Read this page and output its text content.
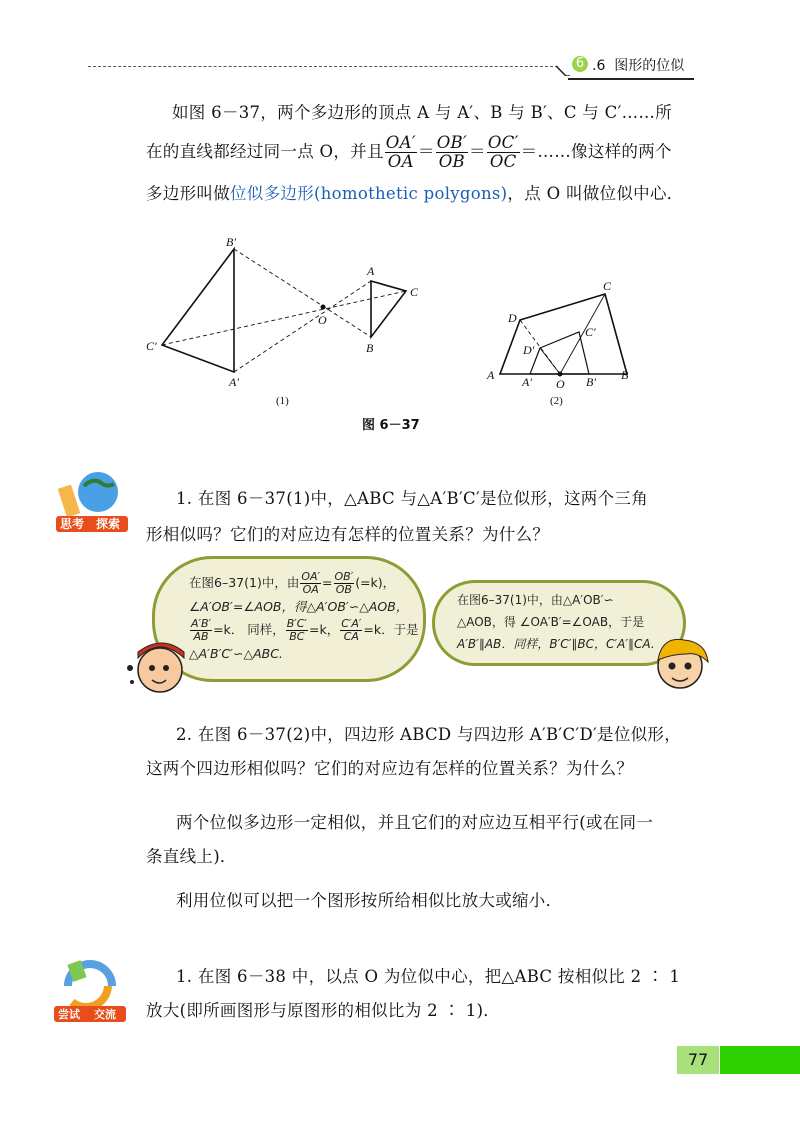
6 .6 图形的位似
如图 6－37，两个多边形的顶点 A 与 A′、B 与 B′、C 与 C′……所
在的直线都经过同一点 O，并且 $\frac{OA'}{OA} = \frac{OB'}{OB} = \frac{OC'}{OC}$ ＝……像这样的两个
多边形叫做位似多边形(homothetic polygons)，点 O 叫做位似中心．
B′
A
C
O
C′	B
A′
(1)
C
D
C′
D′
A A′ O B′ B
(2)
图 6－37
思考 探索
1. 在图 6－37(1)中，△ABC 与△A′B′C′是位似形，这两个三角
形相似吗？它们的对应边有怎样的位置关系？为什么？
在图6–37(1)中，由 $\frac{OA'}{OA} = \frac{OB'}{OB} (=k)$，
∠A′OB′=∠AOB，得△A′OB′∽△AOB，
$\frac{A'B'}{AB} =k$． 同样， $\frac{B'C'}{BC} =k$， $\frac{C'A'}{CA} =k$．于是
△A′B′C′∽△ABC.
在图6–37(1)中，由△A′OB′∽
△AOB，得 ∠OA′B′=∠OAB，于是
A′B′∥AB．同样，B′C′∥BC，C′A′∥CA.
2. 在图 6－37(2)中，四边形 ABCD 与四边形 A′B′C′D′是位似形，
这两个四边形相似吗？它们的对应边有怎样的位置关系？为什么？
两个位似多边形一定相似，并且它们的对应边互相平行(或在同一
条直线上)．
利用位似可以把一个图形按所给相似比放大或缩小．
尝试 交流
1. 在图 6－38 中，以点 O 为位似中心，把△ABC 按相似比 2 ∶ 1
放大(即所画图形与原图形的相似比为 2 ∶ 1)．
77
